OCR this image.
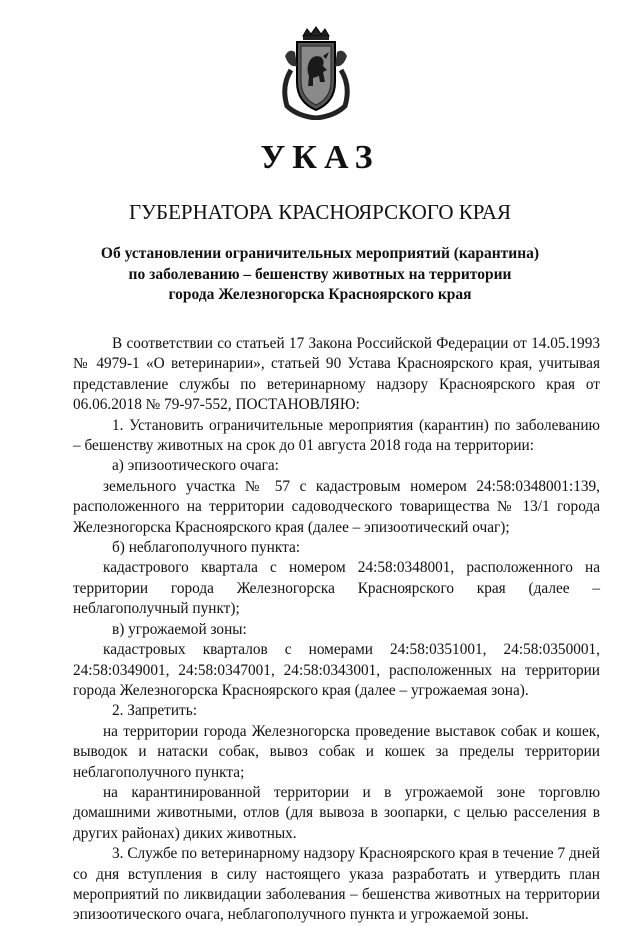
УКАЗ
ГУБЕРНАТОРА КРАСНОЯРСКОГО КРАЯ
Об установлении ограничительных мероприятий (карантина)
по заболеванию – бешенству животных на территории
города Железногорска Красноярского края

В соответствии со статьей 17 Закона Российской Федерации от 14.05.1993 № 4979-1 «О ветеринарии», статьей 90 Устава Красноярского края, учитывая представление службы по ветеринарному надзору Красноярского края от 06.06.2018 № 79-97-552, ПОСТАНОВЛЯЮ:

1. Установить ограничительные мероприятия (карантин) по заболеванию – бешенству животных на срок до 01 августа 2018 года на территории:

а) эпизоотического очага:

земельного участка № 57 с кадастровым номером 24:58:0348001:139, расположенного на территории садоводческого товарищества № 13/1 города Железногорска Красноярского края (далее – эпизоотический очаг);

б) неблагополучного пункта:

кадастрового квартала с номером 24:58:0348001, расположенного на территории города Железногорска Красноярского края (далее – неблагополучный пункт);

в) угрожаемой зоны:

кадастровых кварталов с номерами 24:58:0351001, 24:58:0350001, 24:58:0349001, 24:58:0347001, 24:58:0343001, расположенных на территории города Железногорска Красноярского края (далее – угрожаемая зона).

2. Запретить:

на территории города Железногорска проведение выставок собак и кошек, выводок и натаски собак, вывоз собак и кошек за пределы территории неблагополучного пункта;

на карантинированной территории и в угрожаемой зоне торговлю домашними животными, отлов (для вывоза в зоопарки, с целью расселения в других районах) диких животных.

3. Службе по ветеринарному надзору Красноярского края в течение 7 дней со дня вступления в силу настоящего указа разработать и утвердить план мероприятий по ликвидации заболевания – бешенства животных на территории эпизоотического очага, неблагополучного пункта и угрожаемой зоны.
